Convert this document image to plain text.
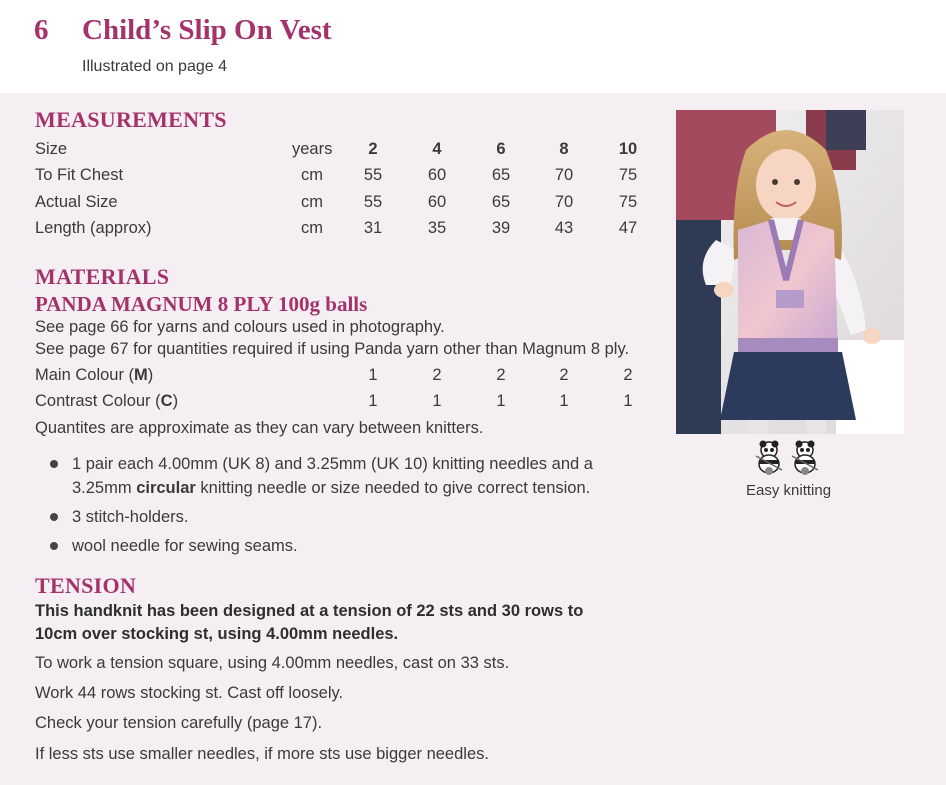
6 Child’s Slip On Vest
Illustrated on page 4
MEASUREMENTS
Size	years	2	4	6	8	10
To Fit Chest	cm	55	60	65	70	75
Actual Size	cm	55	60	65	70	75
Length (approx)	cm	31	35	39	43	47
MATERIALS
PANDA MAGNUM 8 PLY 100g balls
See page 66 for yarns and colours used in photography.
See page 67 for quantities required if using Panda yarn other than Magnum 8 ply.
Main Colour (M)	1	2	2	2	2
Contrast Colour (C)	1	1	1	1	1
Quantites are approximate as they can vary between knitters.
1 pair each 4.00mm (UK 8) and 3.25mm (UK 10) knitting needles and a
3.25mm circular knitting needle or size needed to give correct tension.
3 stitch-holders.
wool needle for sewing seams.
TENSION
This handknit has been designed at a tension of 22 sts and 30 rows to
10cm over stocking st, using 4.00mm needles.
To work a tension square, using 4.00mm needles, cast on 33 sts.
Work 44 rows stocking st. Cast off loosely.
Check your tension carefully (page 17).
If less sts use smaller needles, if more sts use bigger needles.
Easy knitting
